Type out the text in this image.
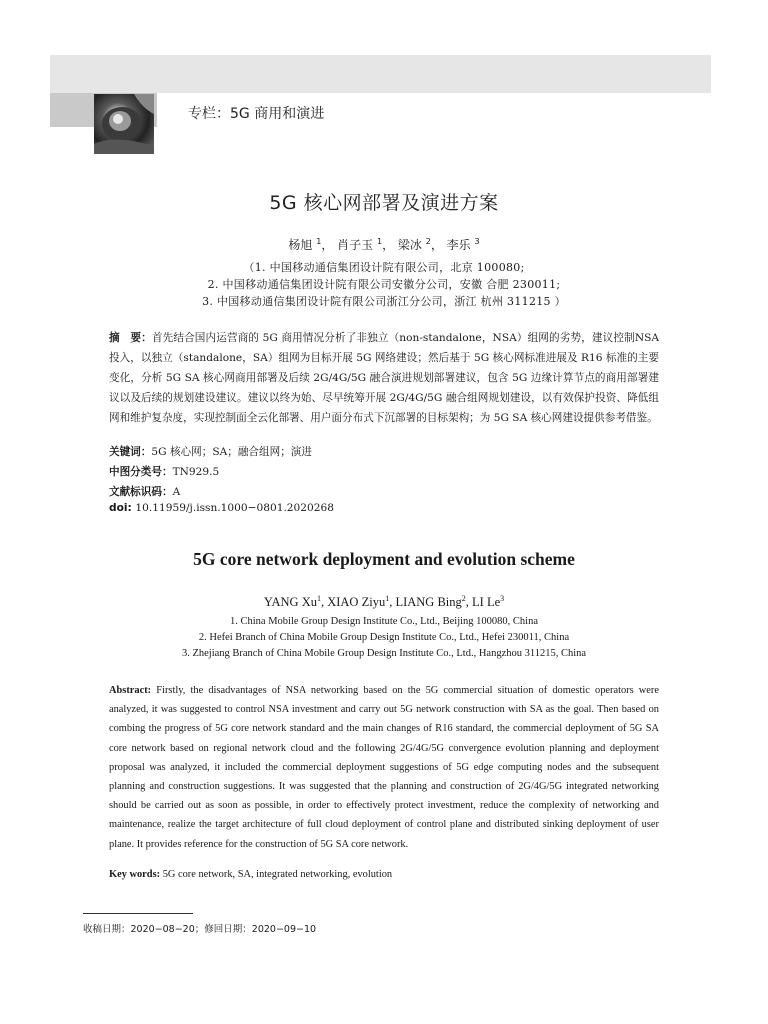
专栏：5G 商用和演进
5G 核心网部署及演进方案
杨旭 $^1$， 肖子玉 $^1$， 梁冰 $^2$， 李乐 $^3$
（1. 中国移动通信集团设计院有限公司，北京 100080;
2. 中国移动通信集团设计院有限公司安徽分公司，安徽 合肥 230011;
3. 中国移动通信集团设计院有限公司浙江分公司，浙江 杭州 311215 ）
摘　要：首先结合国内运营商的 5G 商用情况分析了非独立（non-standalone，NSA）组网的劣势，建议控制NSA 投入，以独立（standalone，SA）组网为目标开展 5G 网络建设；然后基于 5G 核心网标准进展及 R16 标准的主要变化，分析 5G SA 核心网商用部署及后续 2G/4G/5G 融合演进规划部署建议，包含 5G 边缘计算节点的商用部署建议以及后续的规划建设建议。建议以终为始、尽早统筹开展 2G/4G/5G 融合组网规划建设，以有效保护投资、降低组网和维护复杂度，实现控制面全云化部署、用户面分布式下沉部署的目标架构；为 5G SA 核心网建设提供参考借鉴。
关键词：5G 核心网；SA；融合组网；演进
中图分类号：TN929.5
文献标识码：A
doi: 10.11959/j.issn.1000−0801.2020268
5G core network deployment and evolution scheme
YANG Xu$^1$, XIAO Ziyu$^1$, LIANG Bing$^2$, LI Le$^3$
1. China Mobile Group Design Institute Co., Ltd., Beijing 100080, China
2. Hefei Branch of China Mobile Group Design Institute Co., Ltd., Hefei 230011, China
3. Zhejiang Branch of China Mobile Group Design Institute Co., Ltd., Hangzhou 311215, China
Abstract: Firstly, the disadvantages of NSA networking based on the 5G commercial situation of domestic operators were analyzed, it was suggested to control NSA investment and carry out 5G network construction with SA as the goal. Then based on combing the progress of 5G core network standard and the main changes of R16 standard, the commercial deployment of 5G SA core network based on regional network cloud and the following 2G/4G/5G convergence evolution planning and deployment proposal was analyzed, it included the commercial deployment suggestions of 5G edge computing nodes and the subsequent planning and construction suggestions. It was suggested that the planning and construction of 2G/4G/5G integrated networking should be carried out as soon as possible, in order to effectively protect investment, reduce the complexity of networking and maintenance, realize the target architecture of full cloud deployment of control plane and distributed sinking deployment of user plane. It provides reference for the construction of 5G SA core network.
Key words: 5G core network, SA, integrated networking, evolution
收稿日期：2020−08−20；修回日期：2020−09−10
